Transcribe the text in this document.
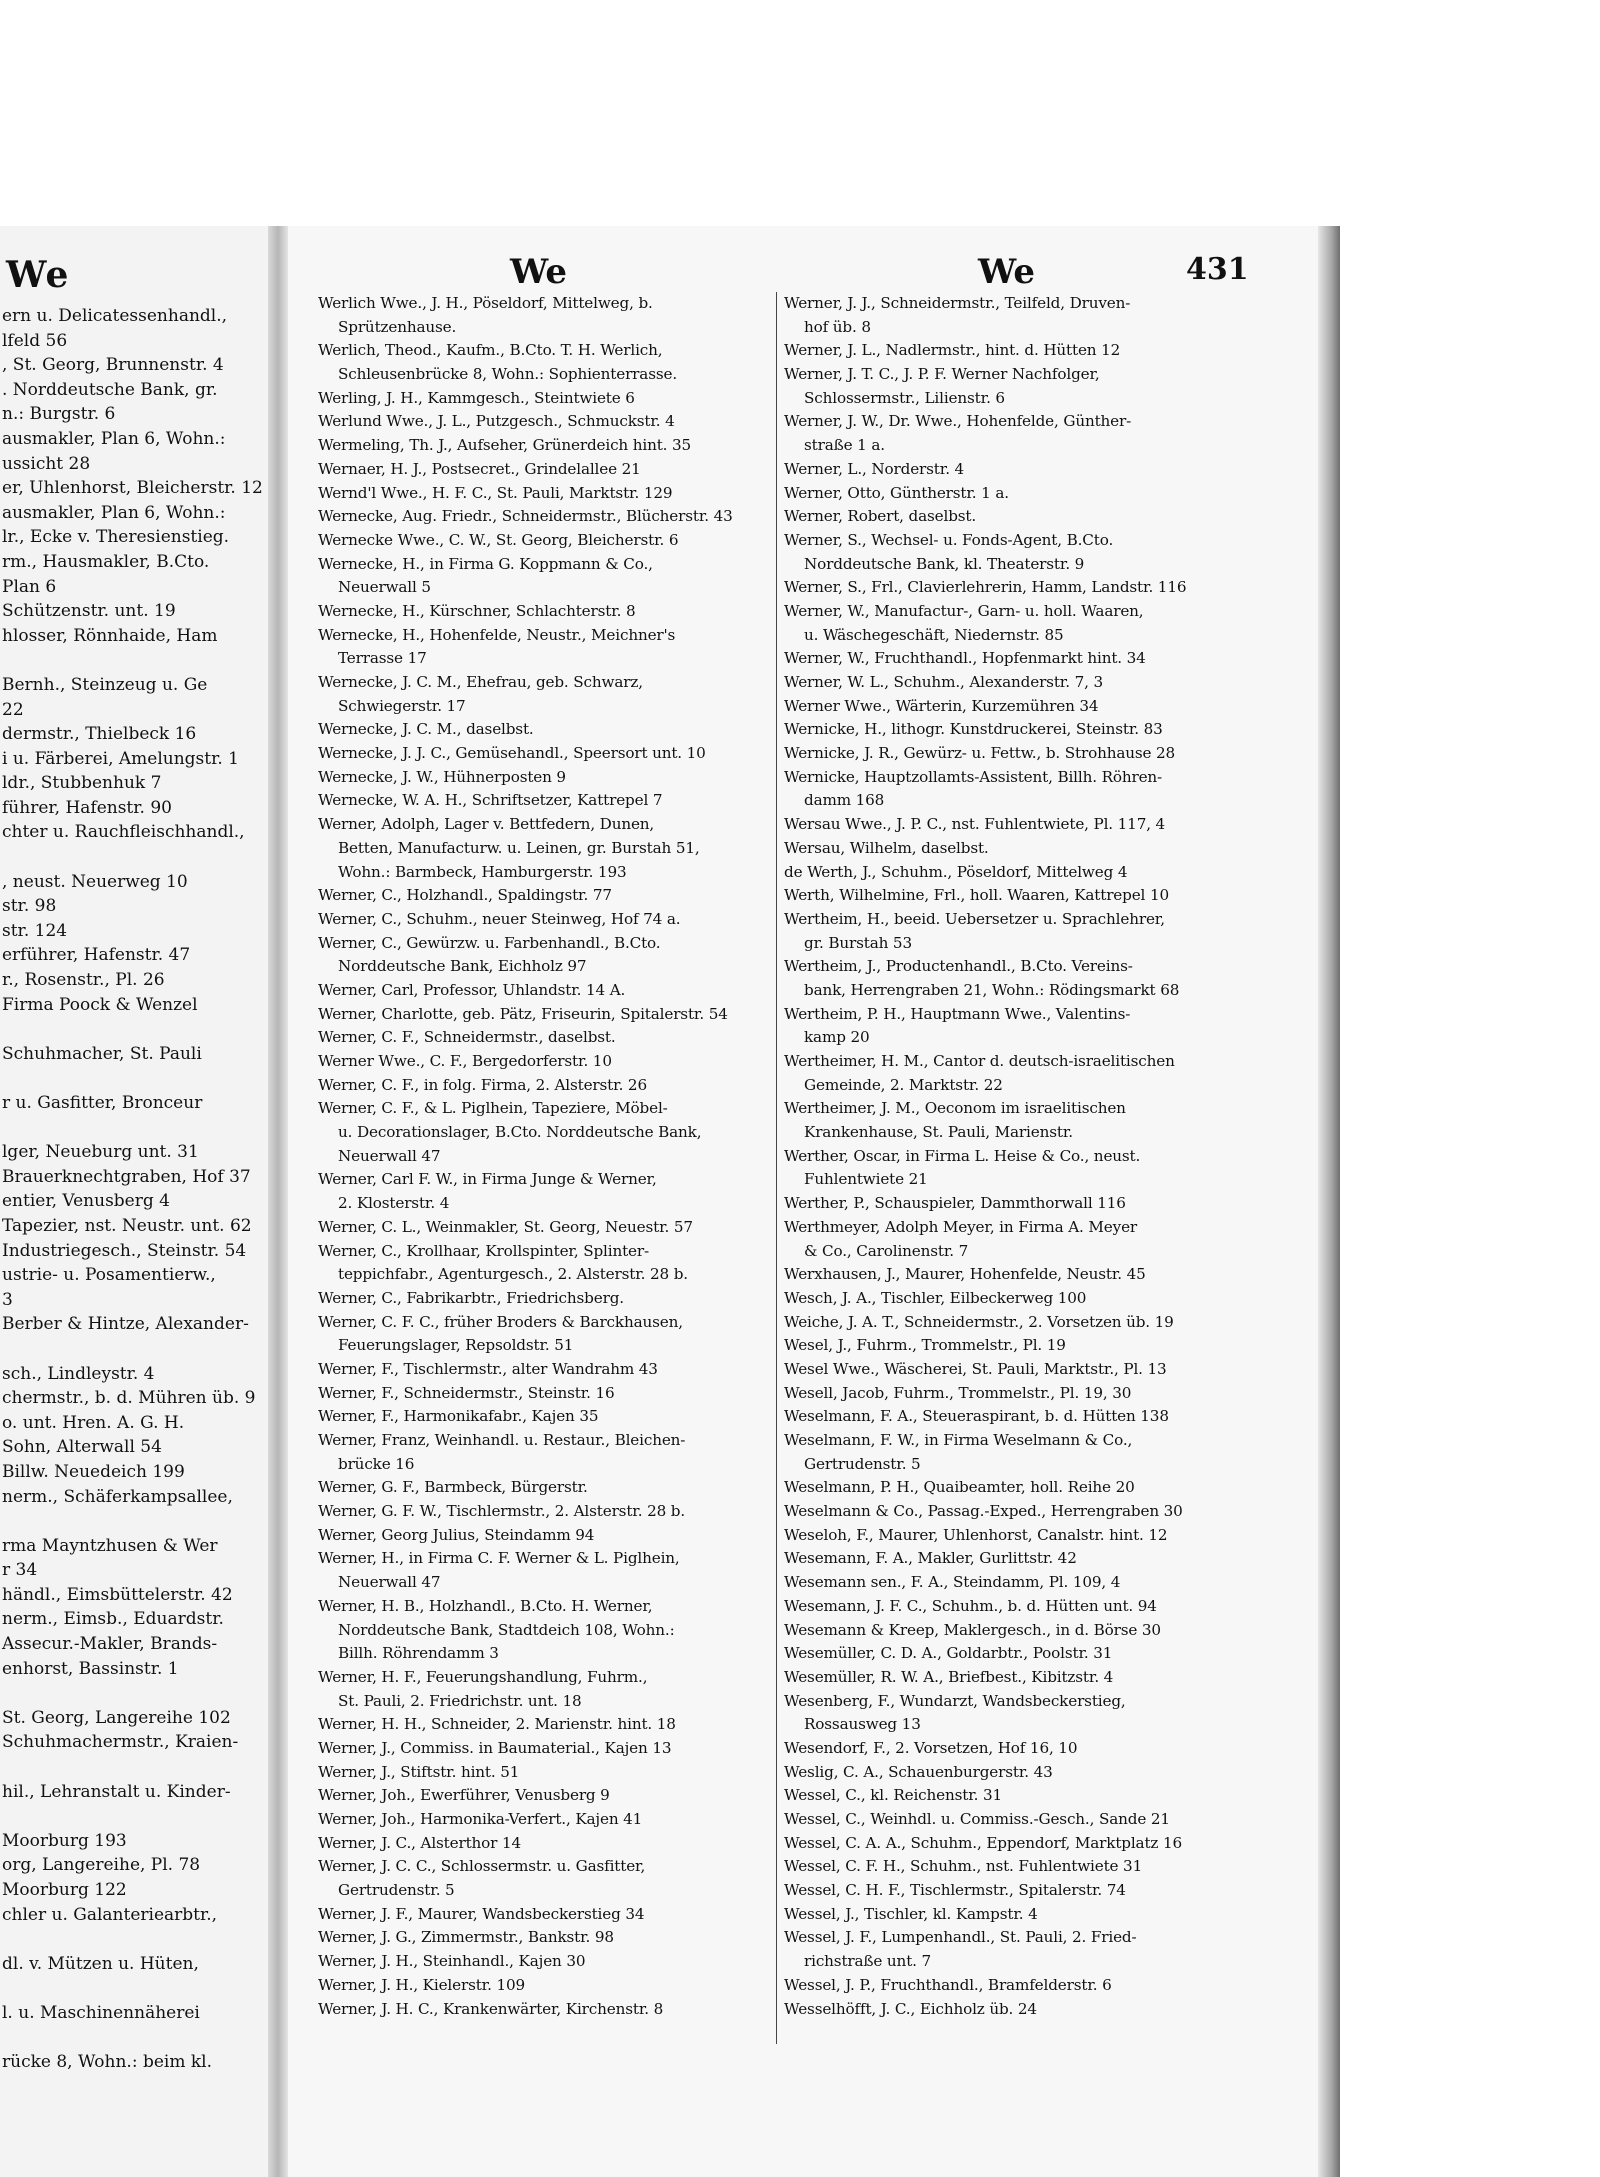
We
ern u. Delicatessenhandl.,
lfeld 56
, St. Georg, Brunnenstr. 4
. Norddeutsche Bank, gr.
n.: Burgstr. 6
ausmakler, Plan 6, Wohn.:
ussicht 28
er, Uhlenhorst, Bleicherstr. 12
ausmakler, Plan 6, Wohn.:
lr., Ecke v. Theresienstieg.
rm., Hausmakler, B.Cto.
Plan 6
Schützenstr. unt. 19
hlosser, Rönnhaide, Ham
Bernh., Steinzeug u. Ge
22
dermstr., Thielbeck 16
i u. Färberei, Amelungstr. 1
ldr., Stubbenhuk 7
führer, Hafenstr. 90
chter u. Rauchfleischhandl.,
, neust. Neuerweg 10
str. 98
str. 124
erführer, Hafenstr. 47
r., Rosenstr., Pl. 26
Firma Poock & Wenzel
Schuhmacher, St. Pauli
r u. Gasfitter, Bronceur
lger, Neueburg unt. 31
Brauerknechtgraben, Hof 37
entier, Venusberg 4
Tapezier, nst. Neustr. unt. 62
Industriegesch., Steinstr. 54
ustrie- u. Posamentierw.,
3
Berber & Hintze, Alexander-
sch., Lindleystr. 4
chermstr., b. d. Mühren üb. 9
o. unt. Hren. A. G. H.
Sohn, Alterwall 54
Billw. Neuedeich 199
nerm., Schäferkampsallee,
rma Mayntzhusen & Wer
r 34
händl., Eimsbüttelerstr. 42
nerm., Eimsb., Eduardstr.
Assecur.-Makler, Brands-
enhorst, Bassinstr. 1
St. Georg, Langereihe 102
Schuhmachermstr., Kraien-
hil., Lehranstalt u. Kinder-
Moorburg 193
org, Langereihe, Pl. 78
Moorburg 122
chler u. Galanteriearbtr.,
dl. v. Mützen u. Hüten,
l. u. Maschinennäherei
rücke 8, Wohn.: beim kl.
We	We	431
Werlich Wwe., J. H., Pöseldorf, Mittelweg, b.
Sprützenhause.
Werlich, Theod., Kaufm., B.Cto. T. H. Werlich,
Schleusenbrücke 8, Wohn.: Sophienterrasse.
Werling, J. H., Kammgesch., Steintwiete 6
Werlund Wwe., J. L., Putzgesch., Schmuckstr. 4
Wermeling, Th. J., Aufseher, Grünerdeich hint. 35
Wernaer, H. J., Postsecret., Grindelallee 21
Wernd'l Wwe., H. F. C., St. Pauli, Marktstr. 129
Wernecke, Aug. Friedr., Schneidermstr., Blücherstr. 43
Wernecke Wwe., C. W., St. Georg, Bleicherstr. 6
Wernecke, H., in Firma G. Koppmann & Co.,
Neuerwall 5
Wernecke, H., Kürschner, Schlachterstr. 8
Wernecke, H., Hohenfelde, Neustr., Meichner's
Terrasse 17
Wernecke, J. C. M., Ehefrau, geb. Schwarz,
Schwiegerstr. 17
Wernecke, J. C. M., daselbst.
Wernecke, J. J. C., Gemüsehandl., Speersort unt. 10
Wernecke, J. W., Hühnerposten 9
Wernecke, W. A. H., Schriftsetzer, Kattrepel 7
Werner, Adolph, Lager v. Bettfedern, Dunen,
Betten, Manufacturw. u. Leinen, gr. Burstah 51,
Wohn.: Barmbeck, Hamburgerstr. 193
Werner, C., Holzhandl., Spaldingstr. 77
Werner, C., Schuhm., neuer Steinweg, Hof 74 a.
Werner, C., Gewürzw. u. Farbenhandl., B.Cto.
Norddeutsche Bank, Eichholz 97
Werner, Carl, Professor, Uhlandstr. 14 A.
Werner, Charlotte, geb. Pätz, Friseurin, Spitalerstr. 54
Werner, C. F., Schneidermstr., daselbst.
Werner Wwe., C. F., Bergedorferstr. 10
Werner, C. F., in folg. Firma, 2. Alsterstr. 26
Werner, C. F., & L. Piglhein, Tapeziere, Möbel-
u. Decorationslager, B.Cto. Norddeutsche Bank,
Neuerwall 47
Werner, Carl F. W., in Firma Junge & Werner,
2. Klosterstr. 4
Werner, C. L., Weinmakler, St. Georg, Neuestr. 57
Werner, C., Krollhaar, Krollspinter, Splinter-
teppichfabr., Agenturgesch., 2. Alsterstr. 28 b.
Werner, C., Fabrikarbtr., Friedrichsberg.
Werner, C. F. C., früher Broders & Barckhausen,
Feuerungslager, Repsoldstr. 51
Werner, F., Tischlermstr., alter Wandrahm 43
Werner, F., Schneidermstr., Steinstr. 16
Werner, F., Harmonikafabr., Kajen 35
Werner, Franz, Weinhandl. u. Restaur., Bleichen-
brücke 16
Werner, G. F., Barmbeck, Bürgerstr.
Werner, G. F. W., Tischlermstr., 2. Alsterstr. 28 b.
Werner, Georg Julius, Steindamm 94
Werner, H., in Firma C. F. Werner & L. Piglhein,
Neuerwall 47
Werner, H. B., Holzhandl., B.Cto. H. Werner,
Norddeutsche Bank, Stadtdeich 108, Wohn.:
Billh. Röhrendamm 3
Werner, H. F., Feuerungshandlung, Fuhrm.,
St. Pauli, 2. Friedrichstr. unt. 18
Werner, H. H., Schneider, 2. Marienstr. hint. 18
Werner, J., Commiss. in Baumaterial., Kajen 13
Werner, J., Stiftstr. hint. 51
Werner, Joh., Ewerführer, Venusberg 9
Werner, Joh., Harmonika-Verfert., Kajen 41
Werner, J. C., Alsterthor 14
Werner, J. C. C., Schlossermstr. u. Gasfitter,
Gertrudenstr. 5
Werner, J. F., Maurer, Wandsbeckerstieg 34
Werner, J. G., Zimmermstr., Bankstr. 98
Werner, J. H., Steinhandl., Kajen 30
Werner, J. H., Kielerstr. 109
Werner, J. H. C., Krankenwärter, Kirchenstr. 8
Werner, J. J., Schneidermstr., Teilfeld, Druven-
hof üb. 8
Werner, J. L., Nadlermstr., hint. d. Hütten 12
Werner, J. T. C., J. P. F. Werner Nachfolger,
Schlossermstr., Lilienstr. 6
Werner, J. W., Dr. Wwe., Hohenfelde, Günther-
straße 1 a.
Werner, L., Norderstr. 4
Werner, Otto, Güntherstr. 1 a.
Werner, Robert, daselbst.
Werner, S., Wechsel- u. Fonds-Agent, B.Cto.
Norddeutsche Bank, kl. Theaterstr. 9
Werner, S., Frl., Clavierlehrerin, Hamm, Landstr. 116
Werner, W., Manufactur-, Garn- u. holl. Waaren,
u. Wäschegeschäft, Niedernstr. 85
Werner, W., Fruchthandl., Hopfenmarkt hint. 34
Werner, W. L., Schuhm., Alexanderstr. 7, 3
Werner Wwe., Wärterin, Kurzemühren 34
Wernicke, H., lithogr. Kunstdruckerei, Steinstr. 83
Wernicke, J. R., Gewürz- u. Fettw., b. Strohhause 28
Wernicke, Hauptzollamts-Assistent, Billh. Röhren-
damm 168
Wersau Wwe., J. P. C., nst. Fuhlentwiete, Pl. 117, 4
Wersau, Wilhelm, daselbst.
de Werth, J., Schuhm., Pöseldorf, Mittelweg 4
Werth, Wilhelmine, Frl., holl. Waaren, Kattrepel 10
Wertheim, H., beeid. Uebersetzer u. Sprachlehrer,
gr. Burstah 53
Wertheim, J., Productenhandl., B.Cto. Vereins-
bank, Herrengraben 21, Wohn.: Rödingsmarkt 68
Wertheim, P. H., Hauptmann Wwe., Valentins-
kamp 20
Wertheimer, H. M., Cantor d. deutsch-israelitischen
Gemeinde, 2. Marktstr. 22
Wertheimer, J. M., Oeconom im israelitischen
Krankenhause, St. Pauli, Marienstr.
Werther, Oscar, in Firma L. Heise & Co., neust.
Fuhlentwiete 21
Werther, P., Schauspieler, Dammthorwall 116
Werthmeyer, Adolph Meyer, in Firma A. Meyer
& Co., Carolinenstr. 7
Werxhausen, J., Maurer, Hohenfelde, Neustr. 45
Wesch, J. A., Tischler, Eilbeckerweg 100
Weiche, J. A. T., Schneidermstr., 2. Vorsetzen üb. 19
Wesel, J., Fuhrm., Trommelstr., Pl. 19
Wesel Wwe., Wäscherei, St. Pauli, Marktstr., Pl. 13
Wesell, Jacob, Fuhrm., Trommelstr., Pl. 19, 30
Weselmann, F. A., Steueraspirant, b. d. Hütten 138
Weselmann, F. W., in Firma Weselmann & Co.,
Gertrudenstr. 5
Weselmann, P. H., Quaibeamter, holl. Reihe 20
Weselmann & Co., Passag.-Exped., Herrengraben 30
Weseloh, F., Maurer, Uhlenhorst, Canalstr. hint. 12
Wesemann, F. A., Makler, Gurlittstr. 42
Wesemann sen., F. A., Steindamm, Pl. 109, 4
Wesemann, J. F. C., Schuhm., b. d. Hütten unt. 94
Wesemann & Kreep, Maklergesch., in d. Börse 30
Wesemüller, C. D. A., Goldarbtr., Poolstr. 31
Wesemüller, R. W. A., Briefbest., Kibitzstr. 4
Wesenberg, F., Wundarzt, Wandsbeckerstieg,
Rossausweg 13
Wesendorf, F., 2. Vorsetzen, Hof 16, 10
Weslig, C. A., Schauenburgerstr. 43
Wessel, C., kl. Reichenstr. 31
Wessel, C., Weinhdl. u. Commiss.-Gesch., Sande 21
Wessel, C. A. A., Schuhm., Eppendorf, Marktplatz 16
Wessel, C. F. H., Schuhm., nst. Fuhlentwiete 31
Wessel, C. H. F., Tischlermstr., Spitalerstr. 74
Wessel, J., Tischler, kl. Kampstr. 4
Wessel, J. F., Lumpenhandl., St. Pauli, 2. Fried-
richstraße unt. 7
Wessel, J. P., Fruchthandl., Bramfelderstr. 6
Wesselhöfft, J. C., Eichholz üb. 24
